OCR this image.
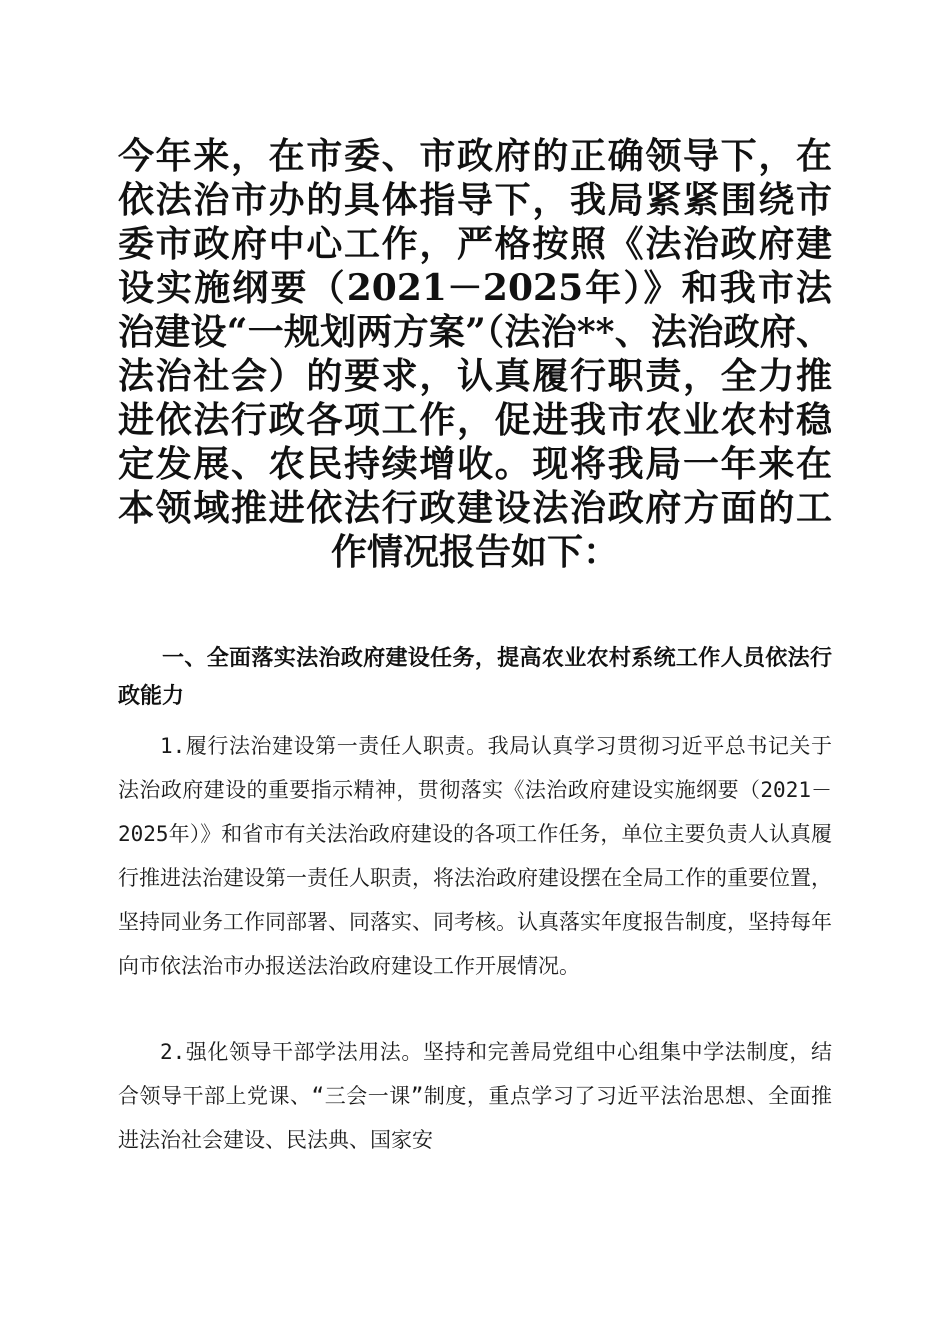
今年来，在市委、市政府的正确领导下，在依法治市办的具体指导下，我局紧紧围绕市委市政府中心工作，严格按照《法治政府建设实施纲要（2021－2025年）》和我市法治建设“一规划两方案”（法治**、法治政府、法治社会）的要求，认真履行职责，全力推进依法行政各项工作，促进我市农业农村稳定发展、农民持续增收。现将我局一年来在本领域推进依法行政建设法治政府方面的工作情况报告如下：
一、全面落实法治政府建设任务，提高农业农村系统工作人员依法行政能力
1.履行法治建设第一责任人职责。我局认真学习贯彻习近平总书记关于法治政府建设的重要指示精神，贯彻落实《法治政府建设实施纲要（2021－2025年）》和省市有关法治政府建设的各项工作任务，单位主要负责人认真履行推进法治建设第一责任人职责，将法治政府建设摆在全局工作的重要位置，坚持同业务工作同部署、同落实、同考核。认真落实年度报告制度，坚持每年向市依法治市办报送法治政府建设工作开展情况。
2.强化领导干部学法用法。坚持和完善局党组中心组集中学法制度，结合领导干部上党课、“三会一课”制度，重点学习了习近平法治思想、全面推进法治社会建设、民法典、国家安
